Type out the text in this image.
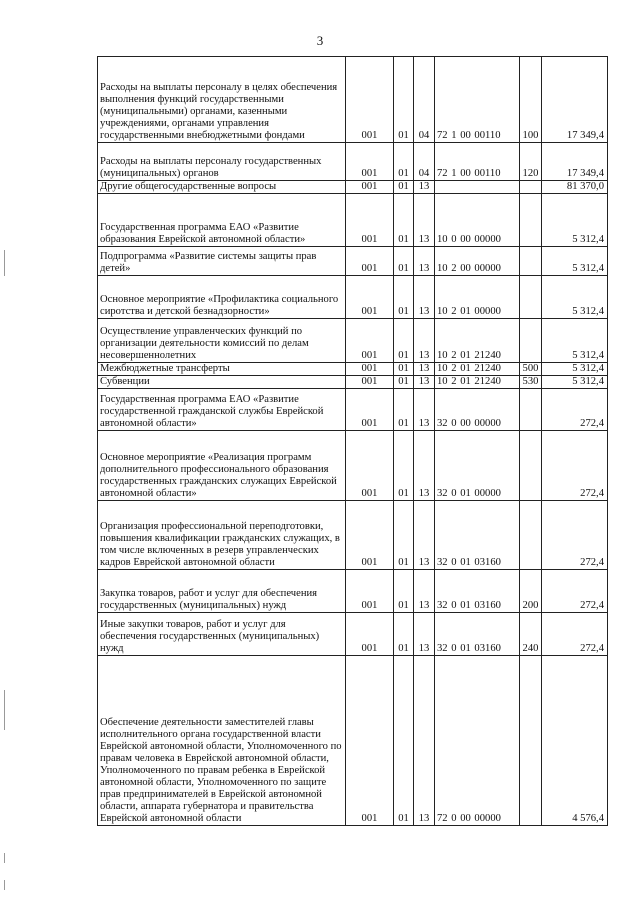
3
Расходы на выплаты персоналу в целях обеспечения выполнения функций государственными (муниципальными) органами, казенными учреждениями, органами управления государственными внебюджетными фондами	001	01	04	72 1 00 00110	100	17 349,4
Расходы на выплаты персоналу государственных (муниципальных) органов	001	01	04	72 1 00 00110	120	17 349,4
Другие общегосударственные вопросы	001	01	13			81 370,0
Государственная программа ЕАО «Развитие образования Еврейской автономной области»	001	01	13	10 0 00 00000		5 312,4
Подпрограмма «Развитие системы защиты прав детей»	001	01	13	10 2 00 00000		5 312,4
Основное мероприятие «Профилактика социального сиротства и детской безнадзорности»	001	01	13	10 2 01 00000		5 312,4
Осуществление управленческих функций по организации деятельности комиссий по делам несовершеннолетних	001	01	13	10 2 01 21240		5 312,4
Межбюджетные трансферты	001	01	13	10 2 01 21240	500	5 312,4
Субвенции	001	01	13	10 2 01 21240	530	5 312,4
Государственная программа ЕАО «Развитие государственной гражданской службы Еврейской автономной области»	001	01	13	32 0 00 00000		272,4
Основное мероприятие «Реализация программ дополнительного профессионального образования государственных гражданских служащих Еврейской автономной области»	001	01	13	32 0 01 00000		272,4
Организация профессиональной переподготовки, повышения квалификации гражданских служащих, в том числе включенных в резерв управленческих кадров Еврейской автономной области	001	01	13	32 0 01 03160		272,4
Закупка товаров, работ и услуг для обеспечения государственных (муниципальных) нужд	001	01	13	32 0 01 03160	200	272,4
Иные закупки товаров, работ и услуг для обеспечения государственных (муниципальных) нужд	001	01	13	32 0 01 03160	240	272,4
Обеспечение деятельности заместителей главы исполнительного органа государственной власти Еврейской автономной области, Уполномоченного по правам человека в Еврейской автономной области, Уполномоченного по правам ребенка в Еврейской автономной области, Уполномоченного по защите прав предпринимателей в Еврейской автономной области, аппарата губернатора и правительства Еврейской автономной области	001	01	13	72 0 00 00000		4 576,4
